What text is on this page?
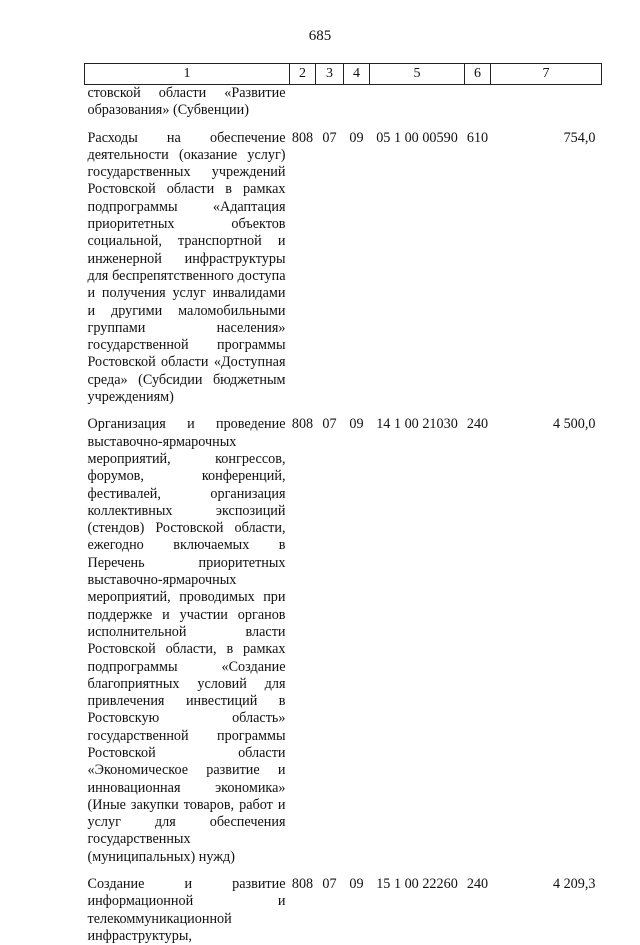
685
1	2	3	4	5	6	7
стовской области «Развитие образования» (Субвенции)						

Расходы на обеспечение деятельности (оказание услуг) государственных учреждений Ростовской области в рамках подпрограммы «Адаптация приоритетных объектов социальной, транспортной и инженерной инфраструктуры для беспрепятственного доступа и получения услуг инвалидами и другими маломобильными группами населения» государственной программы Ростовской области «Доступная среда» (Субсидии бюджетным учреждениям)	808	07	09	05 1 00 00590	610	754,0

Организация и проведение выставочно-ярмарочных мероприятий, конгрессов, форумов, конференций, фестивалей, организация коллективных экспозиций (стендов) Ростовской области, ежегодно включаемых в Перечень приоритетных выставочно-ярмарочных мероприятий, проводимых при поддержке и участии органов исполнительной власти Ростовской области, в рамках подпрограммы «Создание благоприятных условий для привлечения инвестиций в Ростовскую область» государственной программы Ростовской области «Экономическое развитие и инновационная экономика» (Иные закупки товаров, работ и услуг для обеспечения государственных (муниципальных) нужд)	808	07	09	14 1 00 21030	240	4 500,0

Создание и развитие информационной и телекоммуникационной инфраструктуры,	808	07	09	15 1 00 22260	240	4 209,3
